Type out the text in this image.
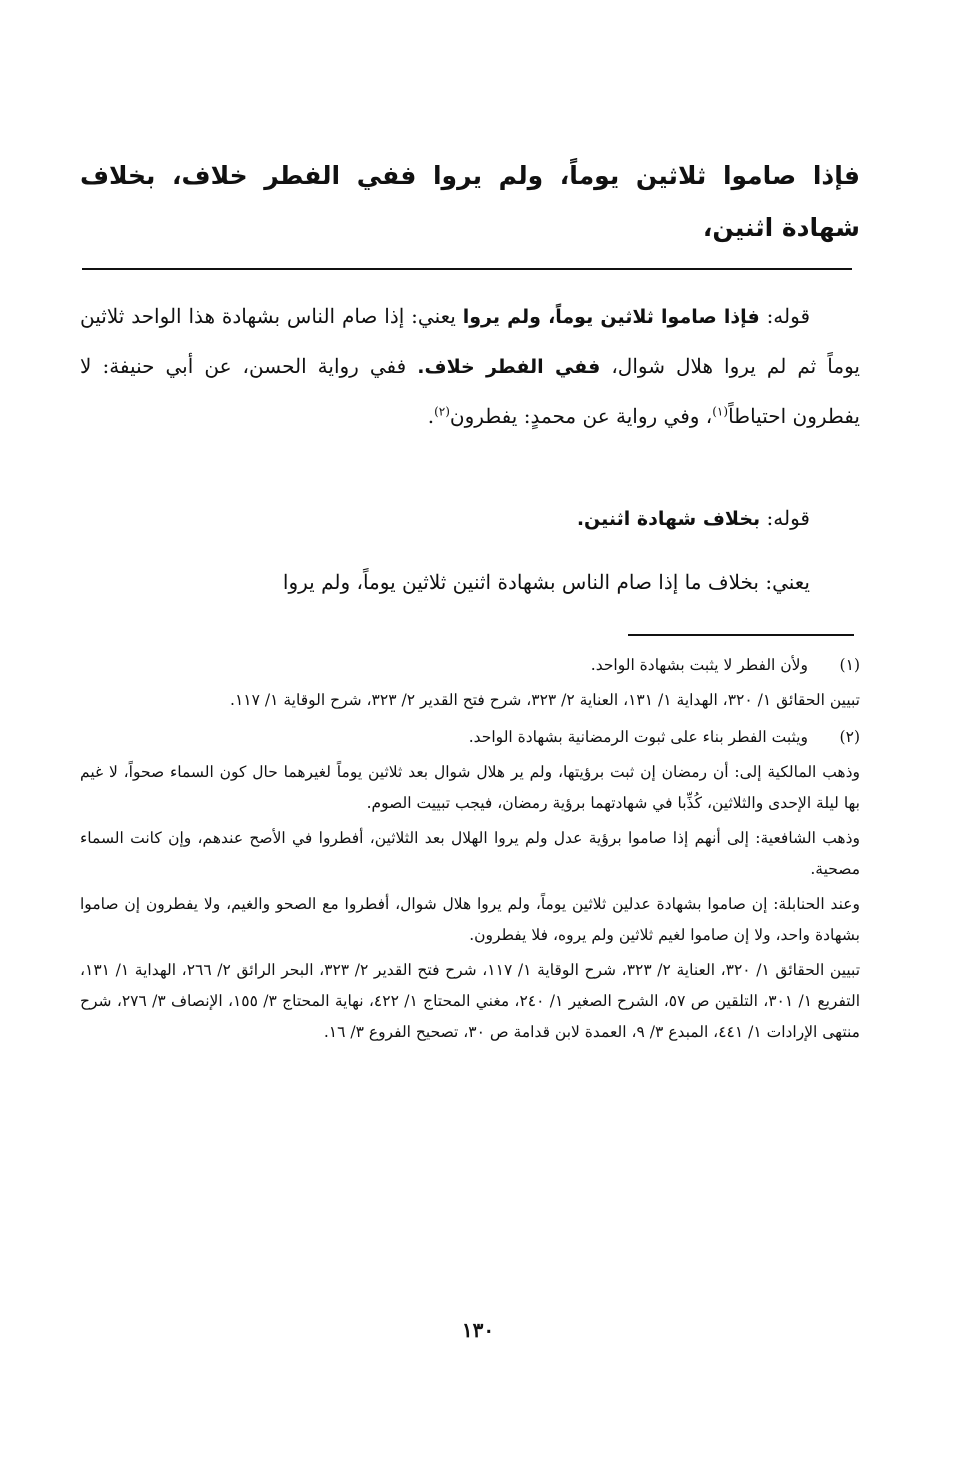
فإذا صاموا ثلاثين يوماً، ولم يروا ففي الفطر خلاف، بخلاف شهادة اثنين،

قوله: فإذا صاموا ثلاثين يوماً، ولم يروا يعني: إذا صام الناس بشهادة هذا الواحد ثلاثين يوماً ثم لم يروا هلال شوال، ففي الفطر خلاف. ففي رواية الحسن، عن أبي حنيفة: لا يفطرون احتياطاً$^{(١)}$، وفي رواية عن محمدٍ: يفطرون$^{(٢)}$.

قوله: بخلاف شهادة اثنين.

يعني: بخلاف ما إذا صام الناس بشهادة اثنين ثلاثين يوماً، ولم يروا

(١)

ولأن الفطر لا يثبت بشهادة الواحد.

تبيين الحقائق ١/ ٣٢٠، الهداية ١/ ١٣١، العناية ٢/ ٣٢٣، شرح فتح القدير ٢/ ٣٢٣، شرح الوقاية ١/ ١١٧.

(٢)

ويثبت الفطر بناء على ثبوت الرمضانية بشهادة الواحد.

وذهب المالكية إلى: أن رمضان إن ثبت برؤيتها، ولم ير هلال شوال بعد ثلاثين يوماً لغيرهما حال كون السماء صحواً، لا غيم بها ليلة الإحدى والثلاثين، كُذِّبا في شهادتهما برؤية رمضان، فيجب تبييت الصوم.

وذهب الشافعية: إلى أنهم إذا صاموا برؤية عدل ولم يروا الهلال بعد الثلاثين، أفطروا في الأصح عندهم، وإن كانت السماء مصحية.

وعند الحنابلة: إن صاموا بشهادة عدلين ثلاثين يوماً، ولم يروا هلال شوال، أفطروا مع الصحو والغيم، ولا يفطرون إن صاموا بشهادة واحد، ولا إن صاموا لغيم ثلاثين ولم يروه، فلا يفطرون.

تبيين الحقائق ١/ ٣٢٠، العناية ٢/ ٣٢٣، شرح الوقاية ١/ ١١٧، شرح فتح القدير ٢/ ٣٢٣، البحر الرائق ٢/ ٢٦٦، الهداية ١/ ١٣١، التفريع ١/ ٣٠١، التلقين ص ٥٧، الشرح الصغير ١/ ٢٤٠، مغني المحتاج ١/ ٤٢٢، نهاية المحتاج ٣/ ١٥٥، الإنصاف ٣/ ٢٧٦، شرح منتهى الإرادات ١/ ٤٤١، المبدع ٣/ ٩، العمدة لابن قدامة ص ٣٠، تصحيح الفروع ٣/ ١٦.

١٣٠
